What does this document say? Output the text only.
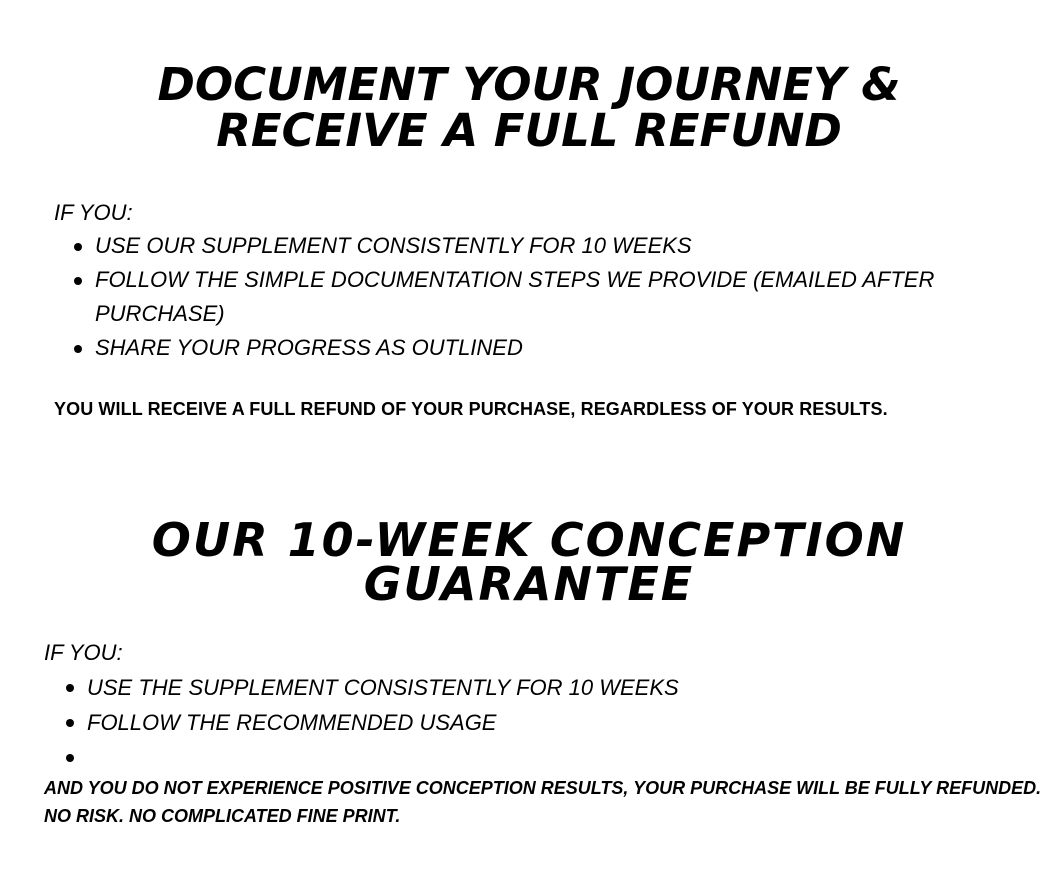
DOCUMENT YOUR JOURNEY &
RECEIVE A FULL REFUND

IF YOU:

USE OUR SUPPLEMENT CONSISTENTLY FOR 10 WEEKS
FOLLOW THE SIMPLE DOCUMENTATION STEPS WE PROVIDE (EMAILED AFTER PURCHASE)
SHARE YOUR PROGRESS AS OUTLINED

YOU WILL RECEIVE A FULL REFUND OF YOUR PURCHASE, REGARDLESS OF YOUR RESULTS.

OUR 10-WEEK CONCEPTION
GUARANTEE

IF YOU:

USE THE SUPPLEMENT CONSISTENTLY FOR 10 WEEKS
FOLLOW THE RECOMMENDED USAGE

AND YOU DO NOT EXPERIENCE POSITIVE CONCEPTION RESULTS, YOUR PURCHASE WILL BE FULLY REFUNDED. NO RISK. NO COMPLICATED FINE PRINT.
